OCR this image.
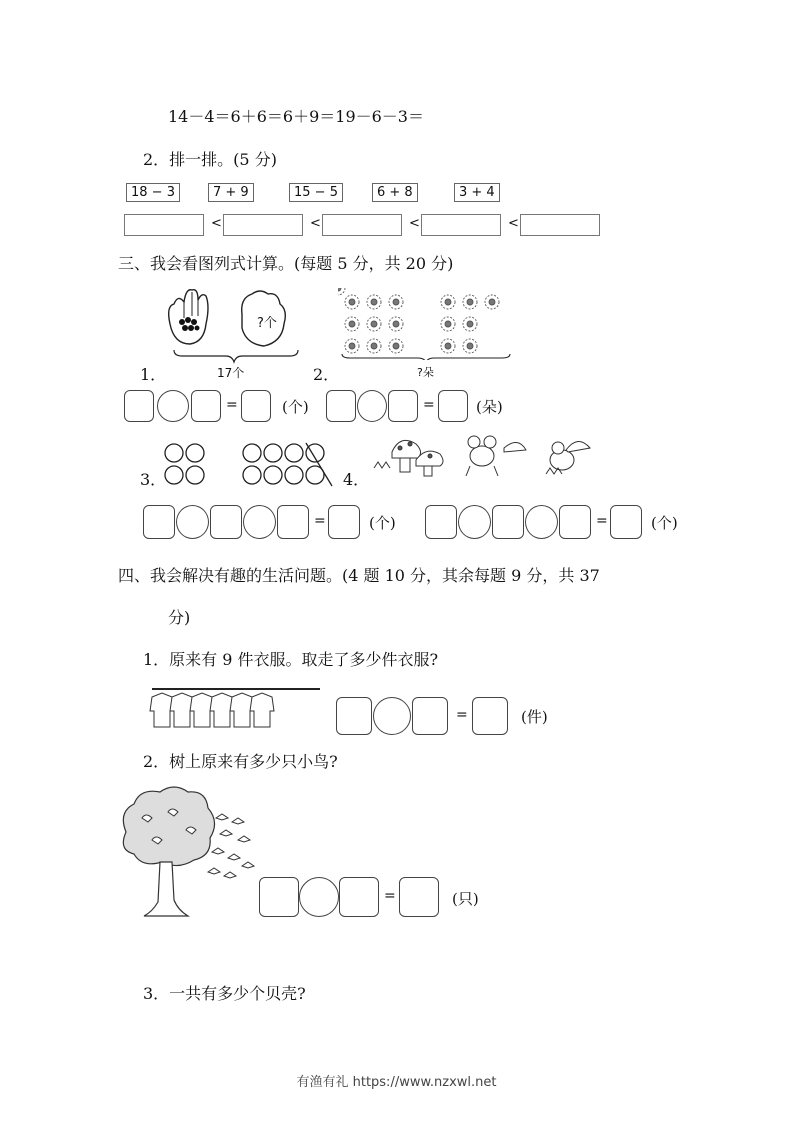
14－4＝6＋6＝6＋9＝19－6－3＝
2．排一排。(5 分)
18 − 3	7 + 9	15 − 5	6 + 8	3 + 4
<	<	<	<
三、我会看图列式计算。(每题 5 分，共 20 分)
?个
1．	17个	2．	?朵
=	(个)	=	(朵)
3．	4．
=	(个)	=	(个)
四、我会解决有趣的生活问题。(4 题 10 分，其余每题 9 分，共 37
分)
1．原来有 9 件衣服。取走了多少件衣服?
=	(件)
2．树上原来有多少只小鸟?
=	(只)
3．一共有多少个贝壳?
有渔有礼 https://www.nzxwl.net
